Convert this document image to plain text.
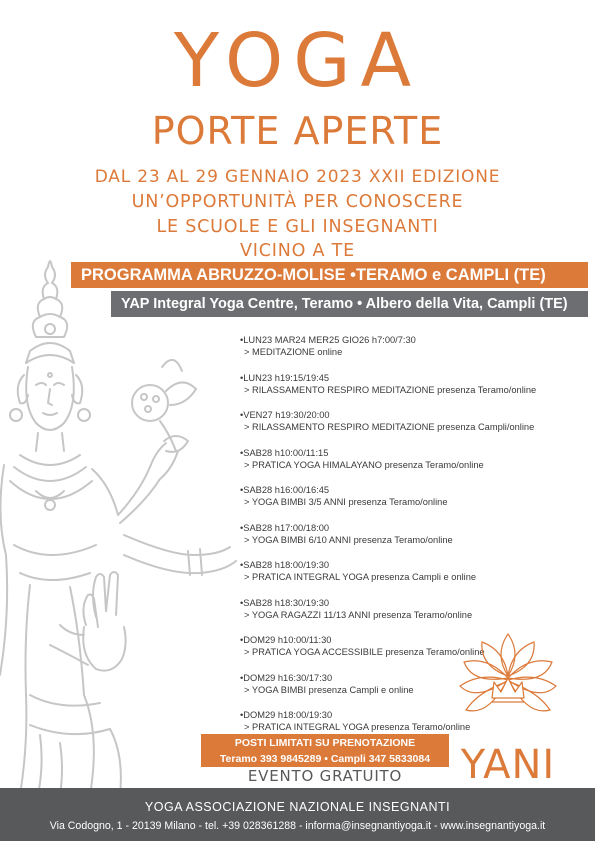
YOGA
PORTE APERTE
DAL 23 AL 29 GENNAIO 2023 XXII EDIZIONE
UN’OPPORTUNITÀ PER CONOSCERE
LE SCUOLE E GLI INSEGNANTI
VICINO A TE
PROGRAMMA ABRUZZO-MOLISE •TERAMO e CAMPLI (TE)
YAP Integral Yoga Centre, Teramo • Albero della Vita, Campli (TE)
•LUN23 MAR24 MER25 GIO26 h7:00/7:30
> MEDITAZIONE online
•LUN23 h19:15/19:45
> RILASSAMENTO RESPIRO MEDITAZIONE presenza Teramo/online
•VEN27 h19:30/20:00
> RILASSAMENTO RESPIRO MEDITAZIONE presenza Campli/online
•SAB28 h10:00/11:15
> PRATICA YOGA HIMALAYANO presenza Teramo/online
•SAB28 h16:00/16:45
> YOGA BIMBI 3/5 ANNI presenza Teramo/online
•SAB28 h17:00/18:00
> YOGA BIMBI 6/10 ANNI presenza Teramo/online
•SAB28 h18:00/19:30
> PRATICA INTEGRAL YOGA presenza Campli e online
•SAB28 h18:30/19:30
> YOGA RAGAZZI 11/13 ANNI presenza Teramo/online
•DOM29 h10:00/11:30
> PRATICA YOGA ACCESSIBILE presenza Teramo/online
•DOM29 h16:30/17:30
> YOGA BIMBI presenza Campli e online
•DOM29 h18:00/19:30
> PRATICA INTEGRAL YOGA presenza Teramo/online
YANI
POSTI LIMITATI SU PRENOTAZIONE
Teramo 393 9845289 • Campli 347 5833084
EVENTO GRATUITO
YOGA ASSOCIAZIONE NAZIONALE INSEGNANTI
Via Codogno, 1 - 20139 Milano - tel. +39 028361288 - informa@insegnantiyoga.it - www.insegnantiyoga.it
